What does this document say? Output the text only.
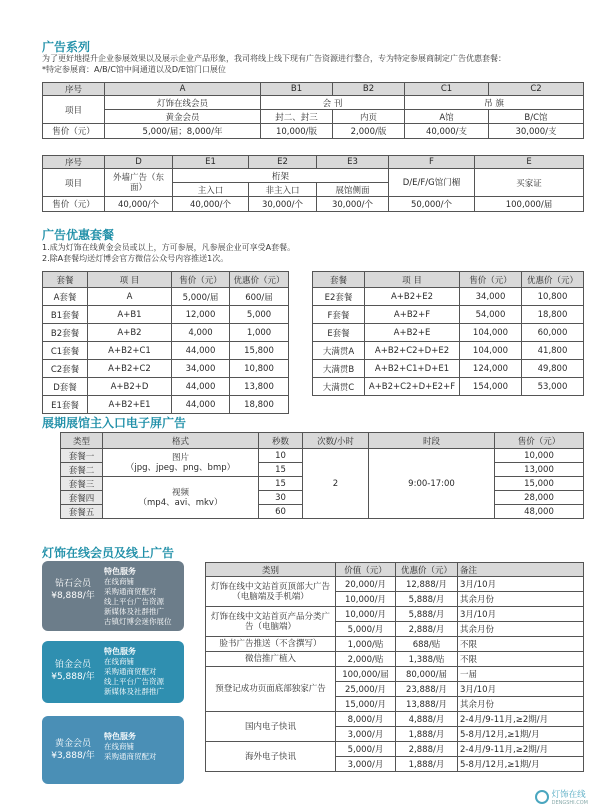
广告系列
为了更好地提升企业参展效果以及展示企业产品形象，我司将线上线下现有广告资源进行整合，专为特定参展商制定广告优惠套餐：
*特定参展商：A/B/C馆中间通道以及D/E馆门口展位
序号	A	B1	B2	C1	C2
项目	灯饰在线会员	会 刊		吊 旗	
	黄金会员	封二、封三	内页	A馆	B/C馆
售价（元）	5,000/届；8,000/年	10,000/版	2,000/版	40,000/支	30,000/支
序号	D	E1	E2	E3	F	E
项目	外墙广告（东面）	桁架			D/E/F/G馆门楣	买家证
		主入口	非主入口	展馆侧面		
售价（元）	40,000/个	40,000/个	30,000/个	30,000/个	50,000/个	100,000/届
广告优惠套餐
1.成为灯饰在线黄金会员或以上，方可参展，凡参展企业可享受A套餐。
2.除A套餐均送灯博会官方微信公众号内容推送1次。
套餐	项 目	售价（元）	优惠价（元）
A套餐	A	5,000/届	600/届
B1套餐	A+B1	12,000	5,000
B2套餐	A+B2	4,000	1,000
C1套餐	A+B2+C1	44,000	15,800
C2套餐	A+B2+C2	34,000	10,800
D套餐	A+B2+D	44,000	13,800
E1套餐	A+B2+E1	44,000	18,800
套餐	项 目	售价（元）	优惠价（元）
E2套餐	A+B2+E2	34,000	10,800
F套餐	A+B2+F	54,000	18,800
E套餐	A+B2+E	104,000	60,000
大满贯A	A+B2+C2+D+E2	104,000	41,800
大满贯B	A+B2+C1+D+E1	124,000	49,800
大满贯C	A+B2+C2+D+E2+F	154,000	53,000
展期展馆主入口电子屏广告
类型	格式	秒数	次数/小时	时段	售价（元）
套餐一	图片
（jpg、jpeg、png、bmp）	10	2	9:00-17:00	10,000
套餐二		15			13,000
套餐三	视频
（mp4、avi、mkv）	15			15,000
套餐四		30			28,000
套餐五		60			48,000
灯饰在线会员及线上广告
钻石会员
¥8,888/年
特色服务
在线商铺
采购通商贸配对
线上平台广告资源
新媒体及社群推广
古镇灯博会迷你展位
铂金会员
¥5,888/年
特色服务
在线商铺
采购通商贸配对
线上平台广告资源
新媒体及社群推广
黄金会员
¥3,888/年
特色服务
在线商铺
采购通商贸配对
类别	价值（元）	优惠价（元）	备注
灯饰在线中文站首页顶部大广告（电脑端及手机端）	20,000/月	12,888/月	3月/10月
	10,000/月	5,888/月	其余月份
灯饰在线中文站首页产品分类广告（电脑端）	10,000/月	5,888/月	3月/10月
	5,000/月	2,888/月	其余月份
脸书广告推送（不含撰写）	1,000/贴	688/贴	不限
微信推广植入	2,000/贴	1,388/贴	不限
预登记成功页面底部独家广告	100,000/届	80,000/届	一届
	25,000/月	23,888/月	3月/10月
	15,000/月	13,888/月	其余月份
国内电子快讯	8,000/月	4,888/月	2-4月/9-11月,≥2期/月
	3,000/月	1,888/月	5-8月/12月,≥1期/月
海外电子快讯	5,000/月	2,888/月	2-4月/9-11月,≥2期/月
	3,000/月	1,888/月	5-8月/12月,≥1期/月
灯饰在线
DENGSHI.COM
